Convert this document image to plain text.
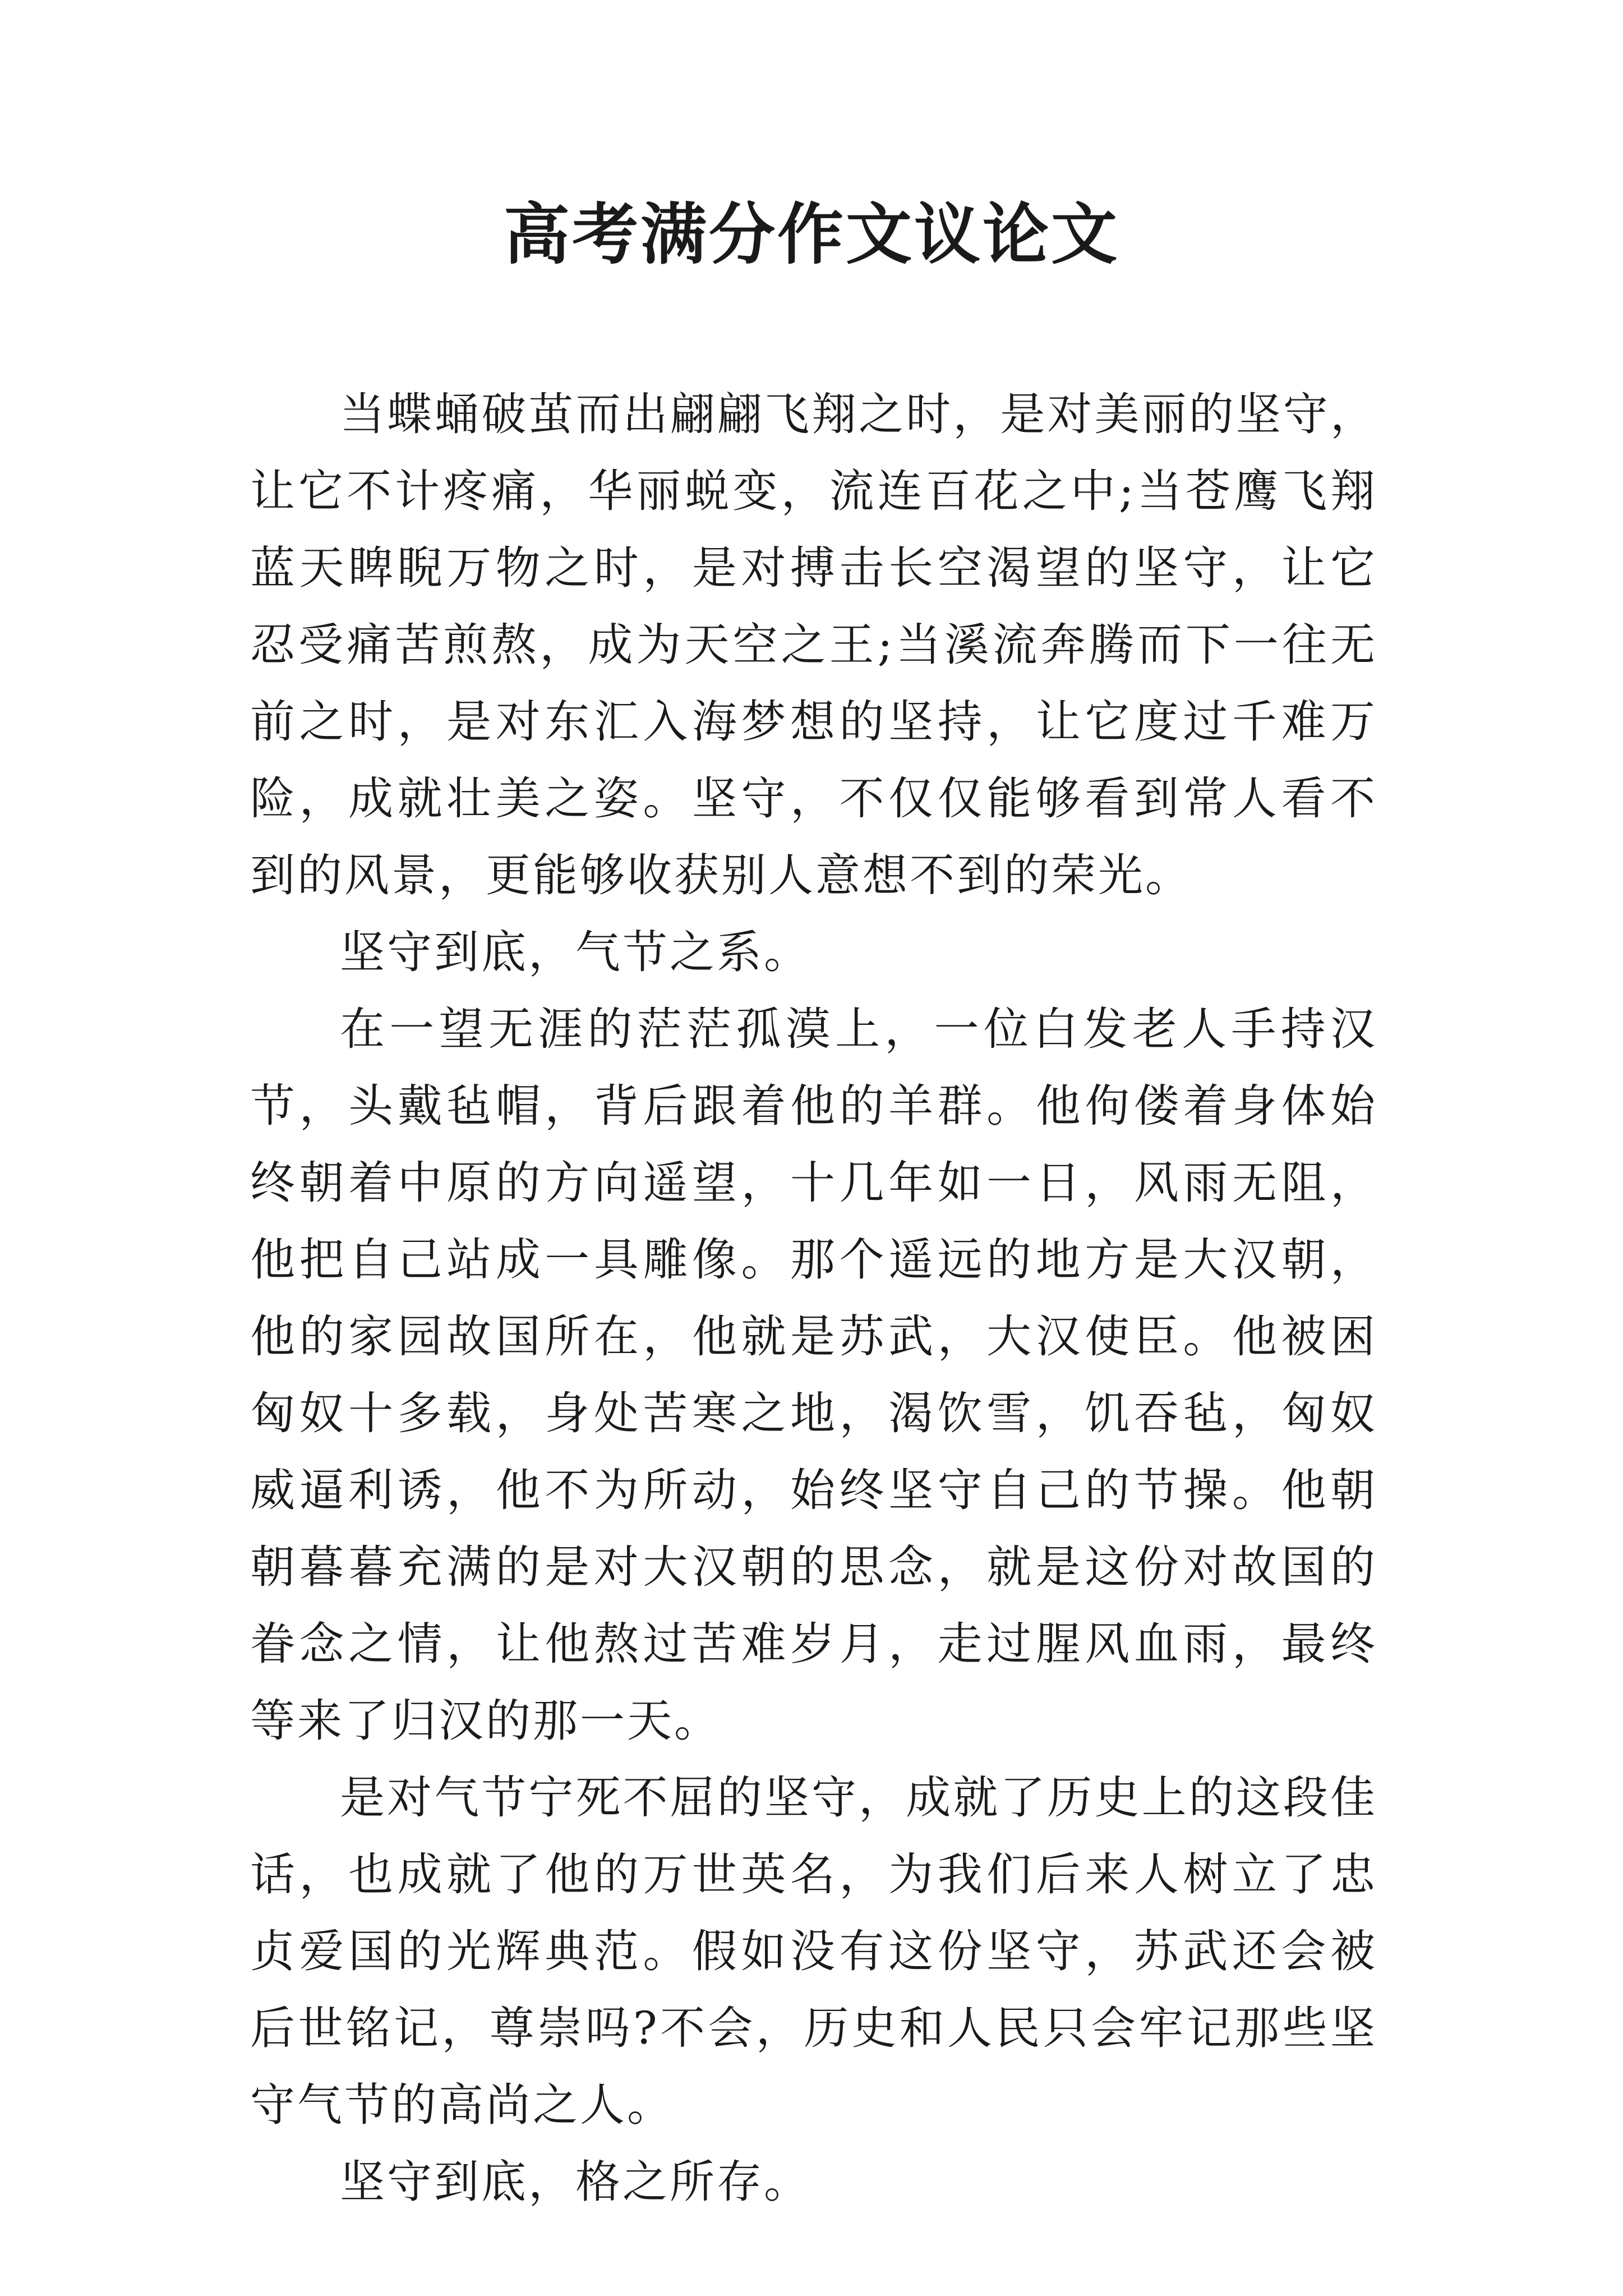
高考满分作文议论文

当蝶蛹破茧而出翩翩飞翔之时，是对美丽的坚守，让它不计疼痛，华丽蜕变，流连百花之中;当苍鹰飞翔蓝天睥睨万物之时，是对搏击长空渴望的坚守，让它忍受痛苦煎熬，成为天空之王;当溪流奔腾而下一往无前之时，是对东汇入海梦想的坚持，让它度过千难万险，成就壮美之姿。坚守，不仅仅能够看到常人看不到的风景，更能够收获别人意想不到的荣光。

坚守到底，气节之系。

在一望无涯的茫茫孤漠上，一位白发老人手持汉节，头戴毡帽，背后跟着他的羊群。他佝偻着身体始终朝着中原的方向遥望，十几年如一日，风雨无阻，他把自己站成一具雕像。那个遥远的地方是大汉朝，他的家园故国所在，他就是苏武，大汉使臣。他被困匈奴十多载，身处苦寒之地，渴饮雪，饥吞毡，匈奴威逼利诱，他不为所动，始终坚守自己的节操。他朝朝暮暮充满的是对大汉朝的思念，就是这份对故国的眷念之情，让他熬过苦难岁月，走过腥风血雨，最终等来了归汉的那一天。

是对气节宁死不屈的坚守，成就了历史上的这段佳话，也成就了他的万世英名，为我们后来人树立了忠贞爱国的光辉典范。假如没有这份坚守，苏武还会被后世铭记，尊崇吗?不会，历史和人民只会牢记那些坚守气节的高尚之人。

坚守到底，格之所存。
